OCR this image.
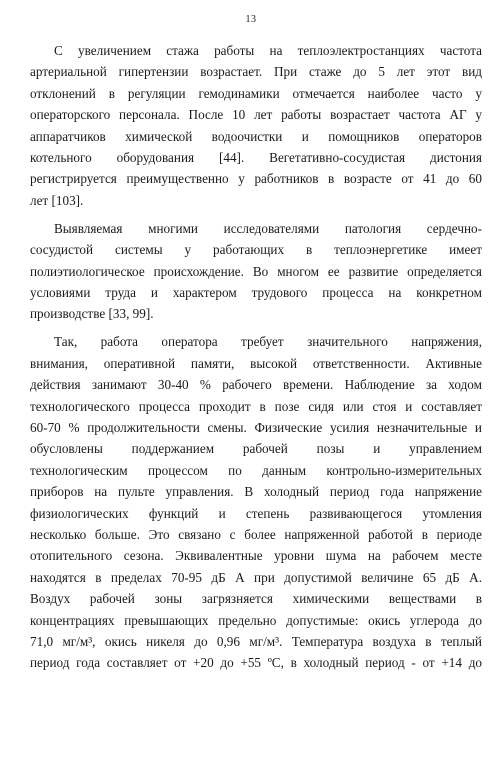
13

С увеличением стажа работы на теплоэлектростанциях частота
артериальной гипертензии возрастает. При стаже до 5 лет этот вид
отклонений в регуляции гемодинамики отмечается наиболее часто у
операторского персонала. После 10 лет работы возрастает частота АГ у
аппаратчиков химической водоочистки и помощников операторов
котельного оборудования [44]. Вегетативно-сосудистая дистония
регистрируется преимущественно у работников в возрасте от 41 до 60
лет [103].

Выявляемая многими исследователями патология сердечно-
сосудистой системы у работающих в теплоэнергетике имеет
полиэтиологическое происхождение. Во многом ее развитие определяется
условиями труда и характером трудового процесса на конкретном
производстве [33, 99].

Так, работа оператора требует значительного напряжения,
внимания, оперативной памяти, высокой ответственности. Активные
действия занимают 30-40 % рабочего времени. Наблюдение за ходом
технологического процесса проходит в позе сидя или стоя и составляет
60-70 % продолжительности смены. Физические усилия незначительные и
обусловлены поддержанием рабочей позы и управлением
технологическим процессом по данным контрольно-измерительных
приборов на пульте управления. В холодный период года напряжение
физиологических функций и степень развивающегося утомления
несколько больше. Это связано с более напряженной работой в периоде
отопительного сезона. Эквивалентные уровни шума на рабочем месте
находятся в пределах 70-95 дБ А при допустимой величине 65 дБ А.
Воздух рабочей зоны загрязняется химическими веществами в
концентрациях превышающих предельно допустимые: окись углерода до
71,0 мг/м³, окись никеля до 0,96 мг/м³. Температура воздуха в теплый
период года составляет от +20 до +55 ºС, в холодный период - от +14 до
